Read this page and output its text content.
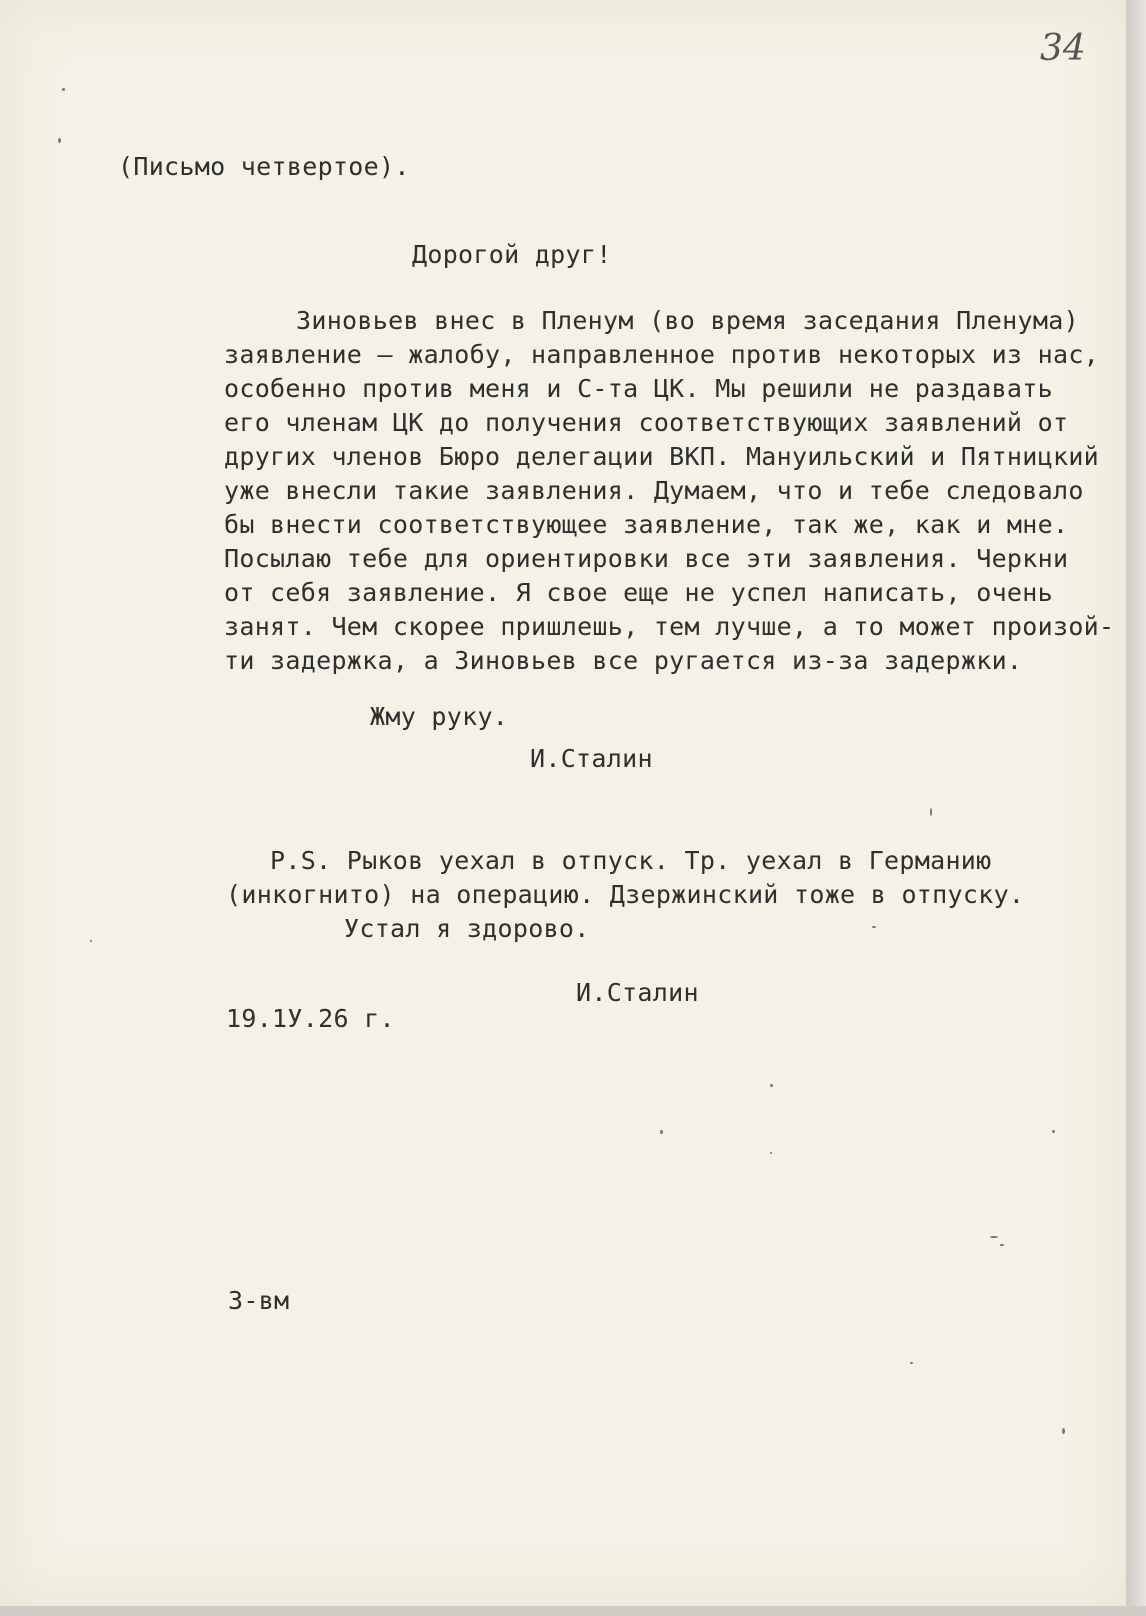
34
(Письмо четвертое).
Дорогой друг!
Зиновьев внес в Пленум (во время заседания Пленума)
заявление — жалобу, направленное против некоторых из нас,
особенно против меня и С-та ЦК. Мы решили не раздавать
его членам ЦК до получения соответствующих заявлений от
других членов Бюро делегации ВКП. Мануильский и Пятницкий
уже внесли такие заявления. Думаем, что и тебе следовало
бы внести соответствующее заявление, так же, как и мне.
Посылаю тебе для ориентировки все эти заявления. Черкни
от себя заявление. Я свое еще не успел написать, очень
занят. Чем скорее пришлешь, тем лучше, а то может произой-
ти задержка, а Зиновьев все ругается из-за задержки.
Жму руку.
И.Сталин
P.S. Рыков уехал в отпуск. Тр. уехал в Германию
(инкогнито) на операцию. Дзержинский тоже в отпуску.
Устал я здорово.
И.Сталин
19.1У.26 г.
3-вм
